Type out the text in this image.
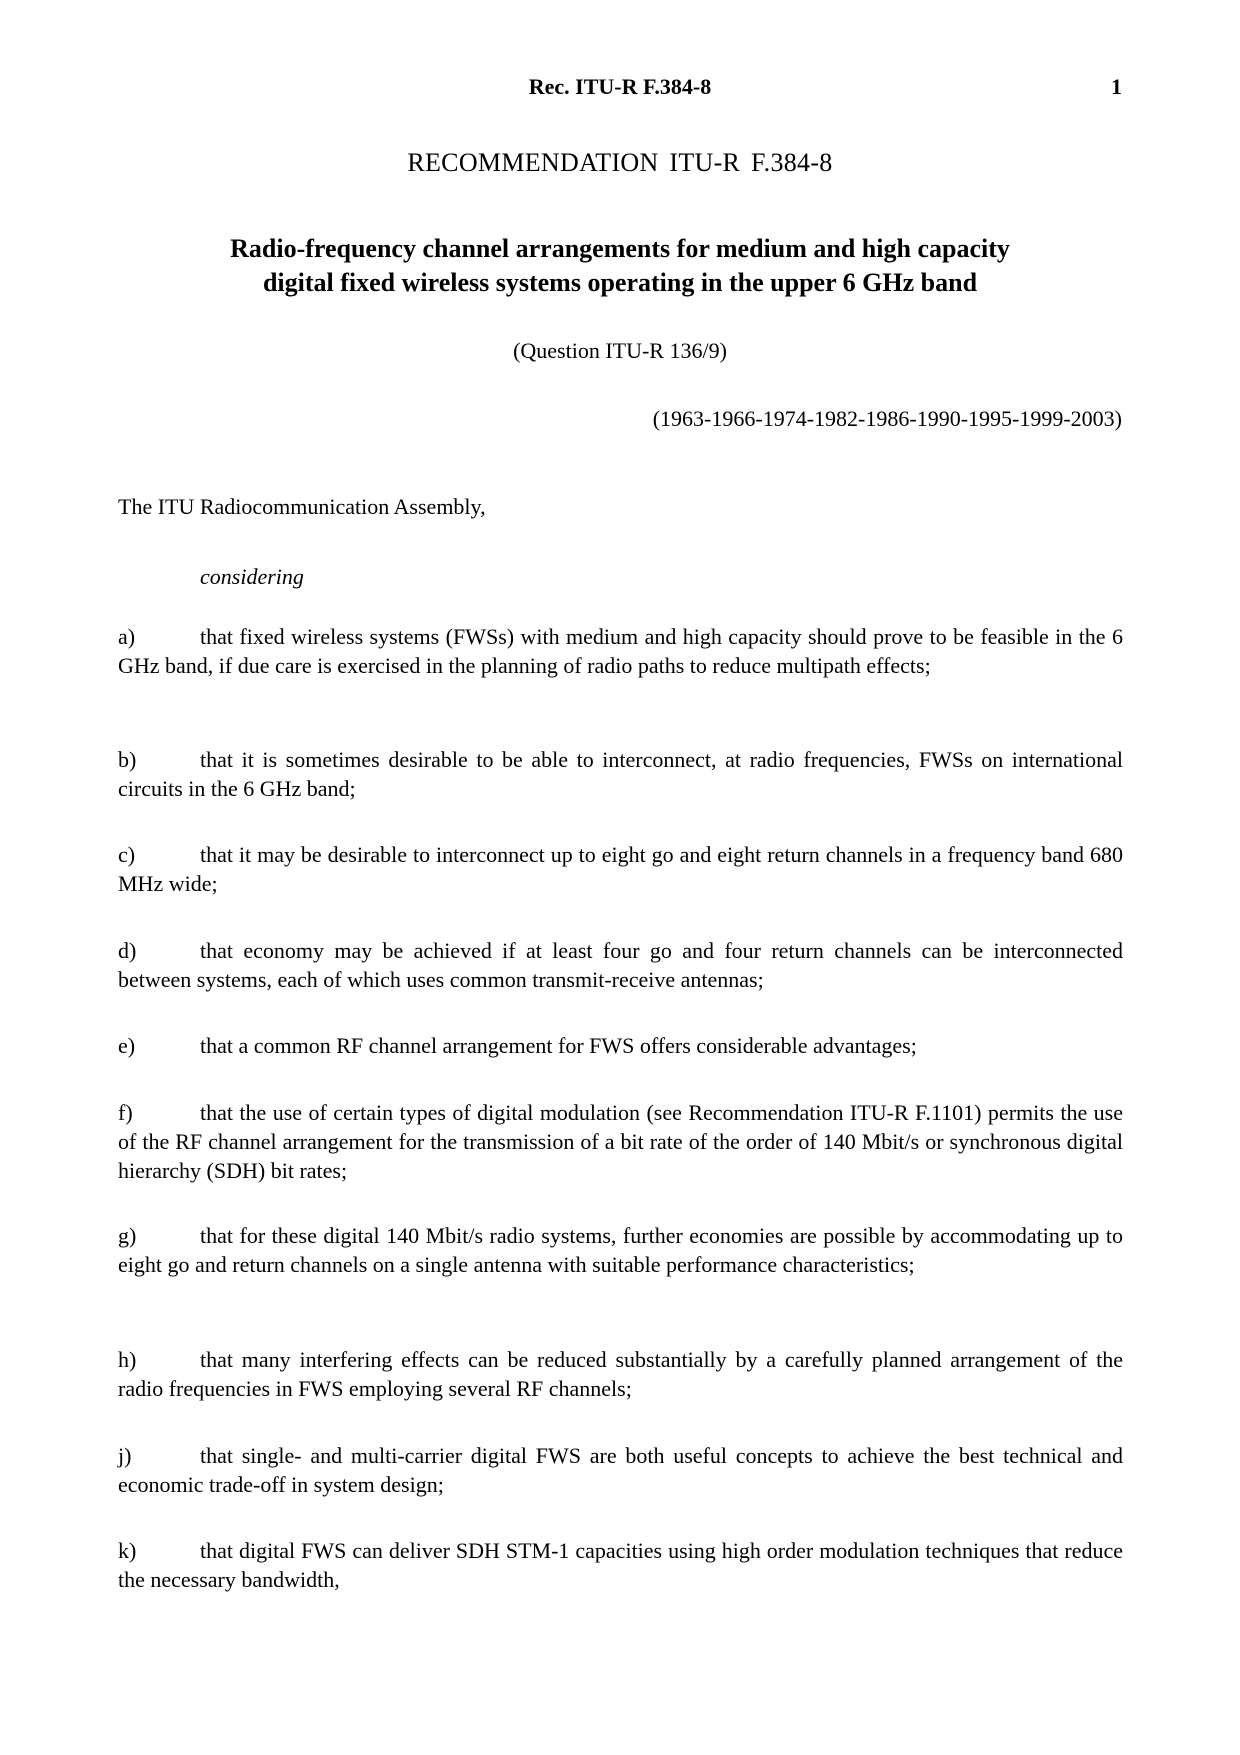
Rec. ITU-R F.384-8	1
RECOMMENDATION ITU-R F.384-8
Radio-frequency channel arrangements for medium and high capacity
digital fixed wireless systems operating in the upper 6 GHz band
(Question ITU-R 136/9)
(1963-1966-1974-1982-1986-1990-1995-1999-2003)
The ITU Radiocommunication Assembly,
considering
a)	that fixed wireless systems (FWSs) with medium and high capacity should prove to be feasible in the 6 GHz band, if due care is exercised in the planning of radio paths to reduce multipath effects;
b)	that it is sometimes desirable to be able to interconnect, at radio frequencies, FWSs on international circuits in the 6 GHz band;
c)	that it may be desirable to interconnect up to eight go and eight return channels in a frequency band 680 MHz wide;
d)	that economy may be achieved if at least four go and four return channels can be interconnected between systems, each of which uses common transmit-receive antennas;
e)	that a common RF channel arrangement for FWS offers considerable advantages;
f)	that the use of certain types of digital modulation (see Recommendation ITU-R F.1101) permits the use of the RF channel arrangement for the transmission of a bit rate of the order of 140 Mbit/s or synchronous digital hierarchy (SDH) bit rates;
g)	that for these digital 140 Mbit/s radio systems, further economies are possible by accommodating up to eight go and return channels on a single antenna with suitable performance characteristics;
h)	that many interfering effects can be reduced substantially by a carefully planned arrangement of the radio frequencies in FWS employing several RF channels;
j)	that single- and multi-carrier digital FWS are both useful concepts to achieve the best technical and economic trade-off in system design;
k)	that digital FWS can deliver SDH STM-1 capacities using high order modulation techniques that reduce the necessary bandwidth,
